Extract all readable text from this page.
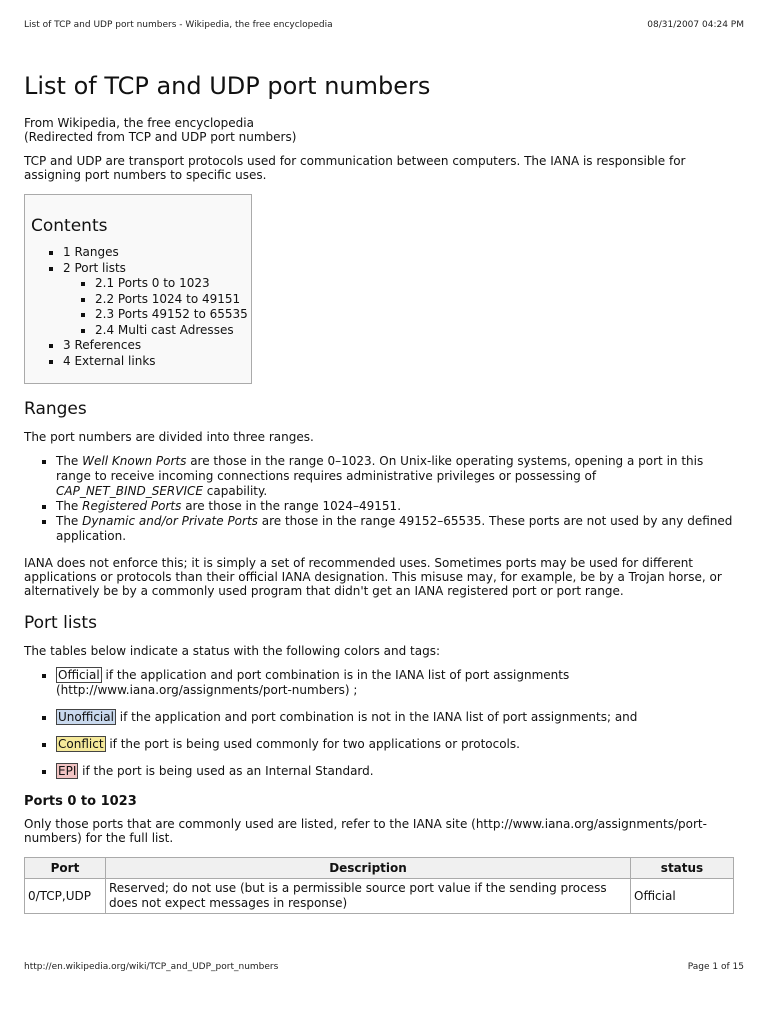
List of TCP and UDP port numbers - Wikipedia, the free encyclopedia	08/31/2007 04:24 PM
List of TCP and UDP port numbers

From Wikipedia, the free encyclopedia

(Redirected from TCP and UDP port numbers)

TCP and UDP are transport protocols used for communication between computers. The IANA is responsible for assigning port numbers to specific uses.

Contents
▪ 1 Ranges
▪ 2 Port lists
▪ 2.1 Ports 0 to 1023
▪ 2.2 Ports 1024 to 49151
▪ 2.3 Ports 49152 to 65535
▪ 2.4 Multi cast Adresses
▪ 3 References
▪ 4 External links
Ranges

The port numbers are divided into three ranges.

▪ The Well Known Ports are those in the range 0–1023. On Unix-like operating systems, opening a port in this range to receive incoming connections requires administrative privileges or possessing of CAP_NET_BIND_SERVICE capability.
▪ The Registered Ports are those in the range 1024–49151.
▪ The Dynamic and/or Private Ports are those in the range 49152–65535. These ports are not used by any defined application.

IANA does not enforce this; it is simply a set of recommended uses. Sometimes ports may be used for different applications or protocols than their official IANA designation. This misuse may, for example, be by a Trojan horse, or alternatively be by a commonly used program that didn't get an IANA registered port or port range.

Port lists

The tables below indicate a status with the following colors and tags:

▪ Official if the application and port combination is in the IANA list of port assignments (http://www.iana.org/assignments/port-numbers) ;
▪ Unofficial if the application and port combination is not in the IANA list of port assignments; and
▪ Conflict if the port is being used commonly for two applications or protocols.
▪ EPI if the port is being used as an Internal Standard.
Ports 0 to 1023

Only those ports that are commonly used are listed, refer to the IANA site (http://www.iana.org/assignments/port-numbers) for the full list.

Port	Description	status
0/TCP,UDP	Reserved; do not use (but is a permissible source port value if the sending process does not expect messages in response)	Official
http://en.wikipedia.org/wiki/TCP_and_UDP_port_numbers	Page 1 of 15
